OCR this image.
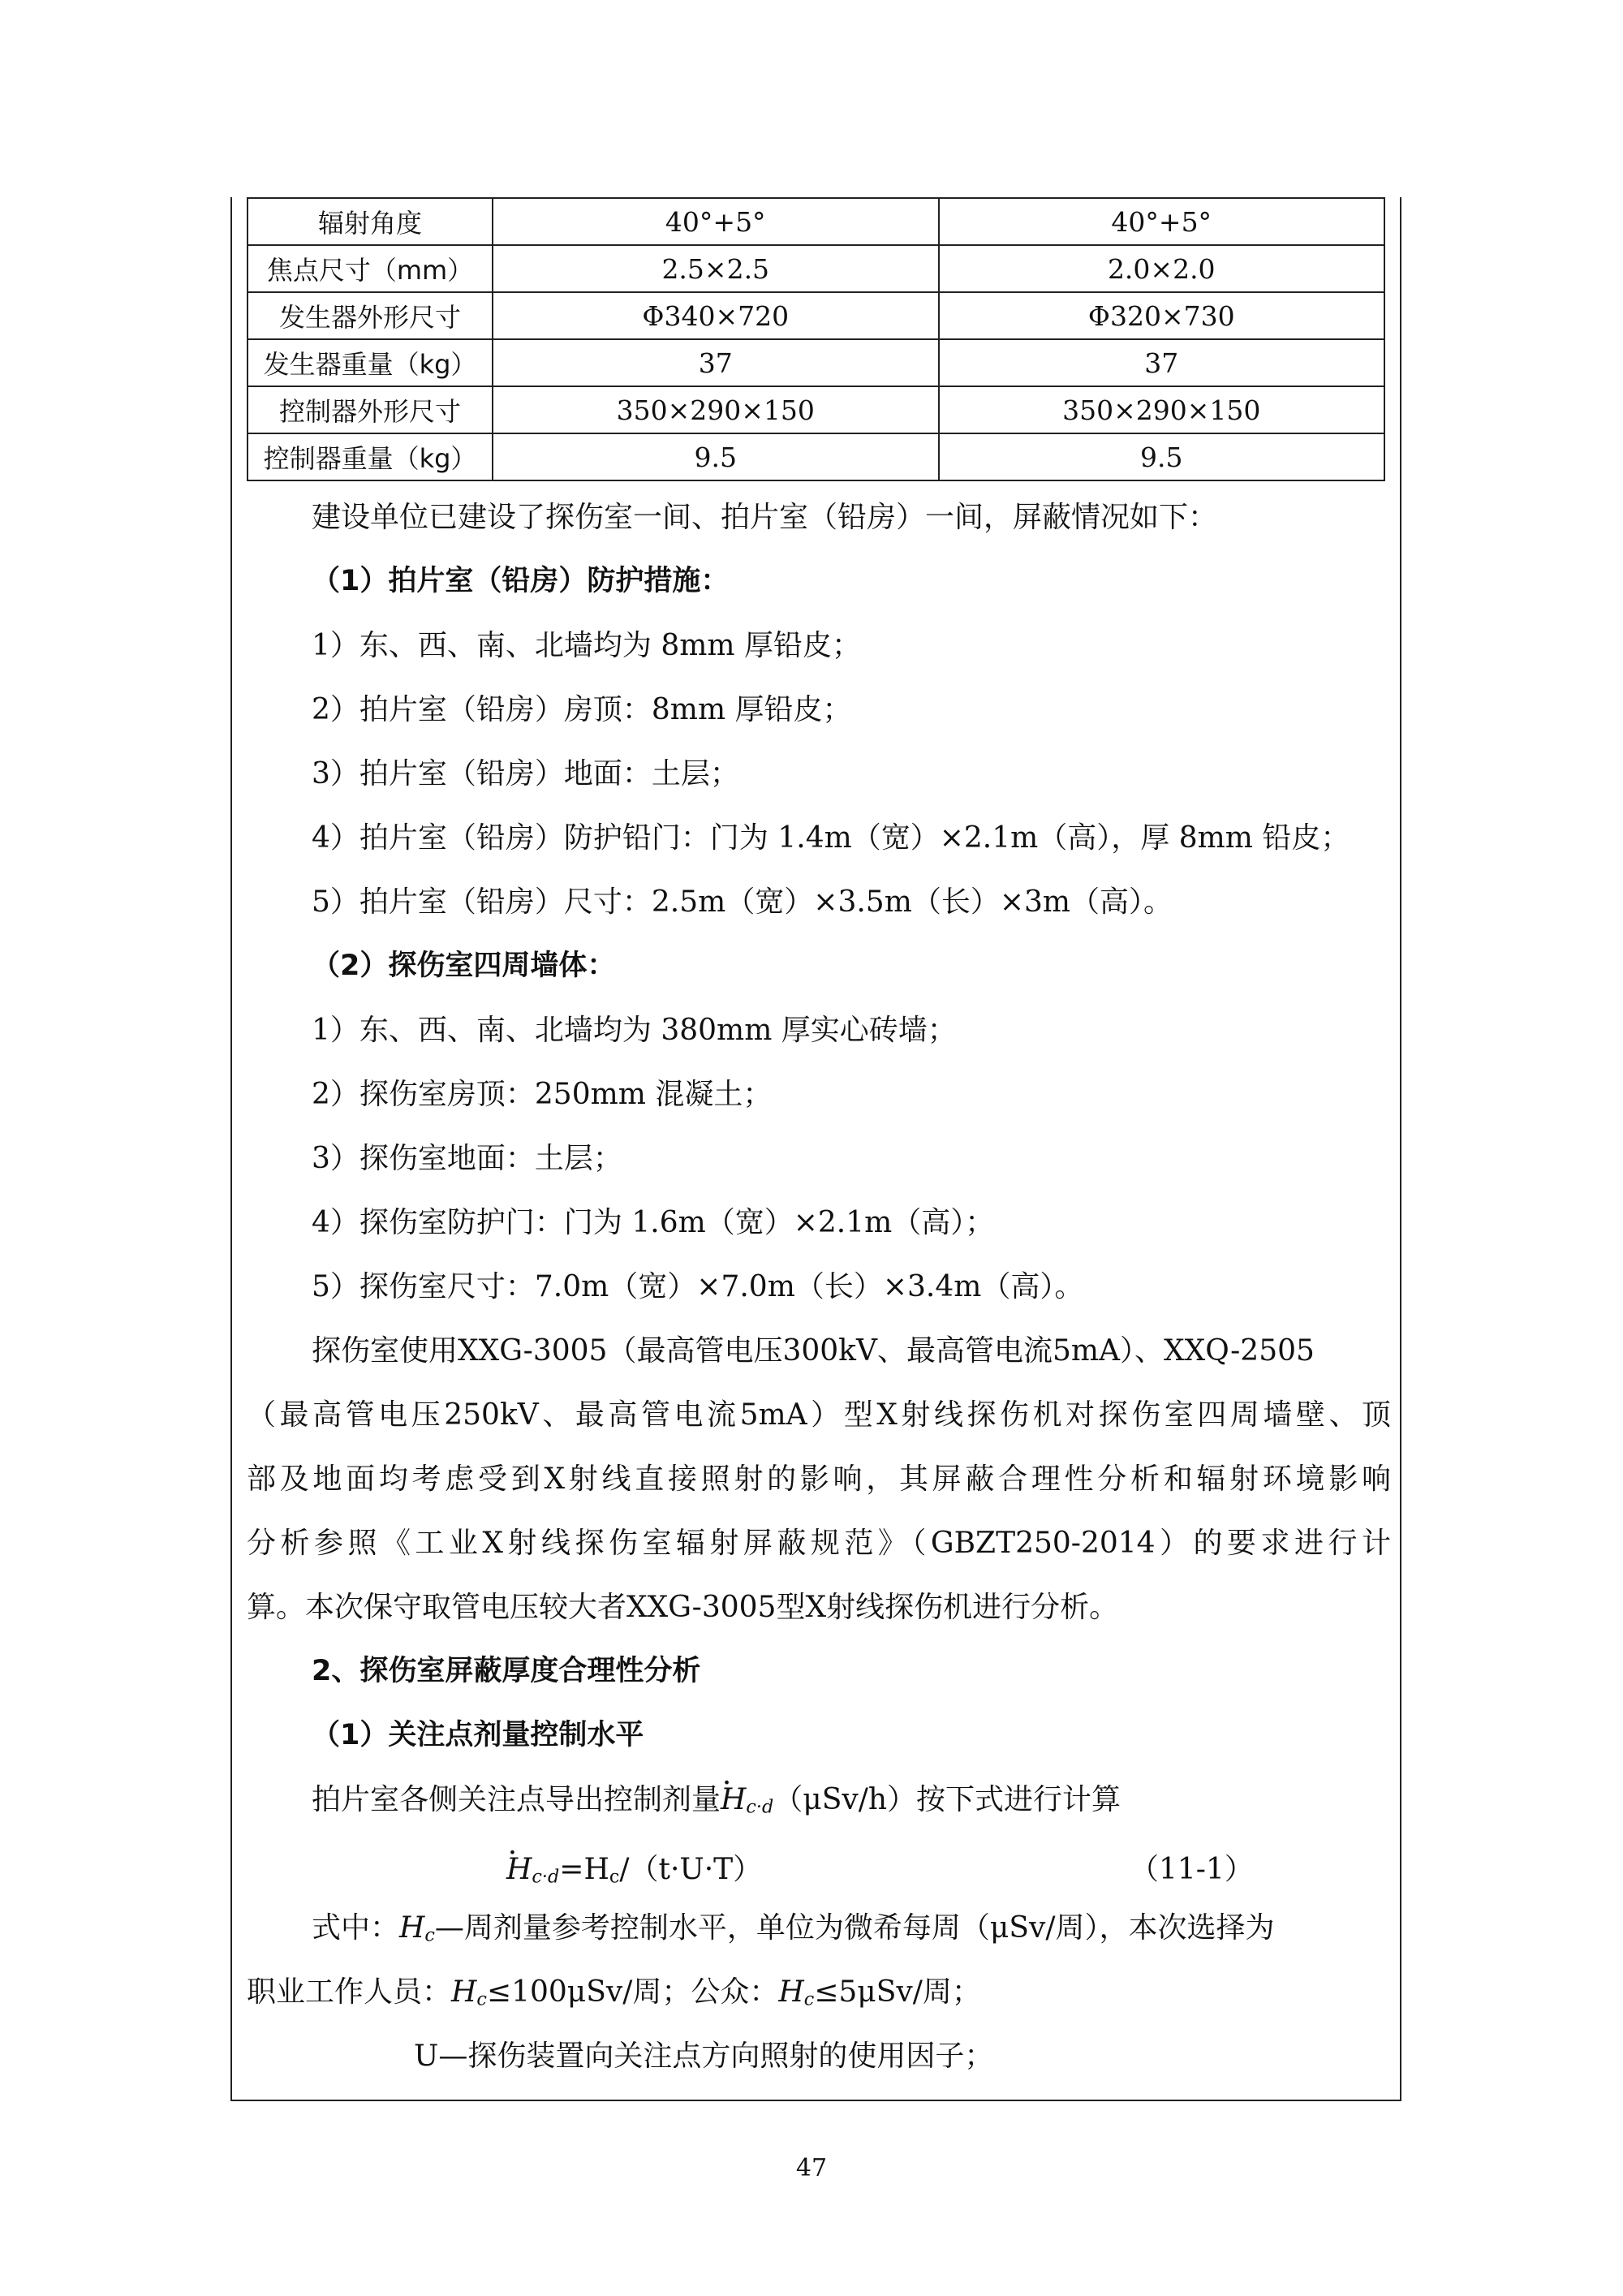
辐射角度	40°+5°	40°+5°
焦点尺寸（mm）	2.5×2.5	2.0×2.0
发生器外形尺寸	Φ340×720	Φ320×730
发生器重量（kg）	37	37
控制器外形尺寸	350×290×150	350×290×150
控制器重量（kg）	9.5	9.5
建设单位已建设了探伤室一间、拍片室（铅房）一间，屏蔽情况如下：
（1）拍片室（铅房）防护措施：
1）东、西、南、北墙均为 8mm 厚铅皮；
2）拍片室（铅房）房顶：8mm 厚铅皮；
3）拍片室（铅房）地面：土层；
4）拍片室（铅房）防护铅门：门为 1.4m（宽）×2.1m（高），厚 8mm 铅皮；
5）拍片室（铅房）尺寸：2.5m（宽）×3.5m（长）×3m（高）。
（2）探伤室四周墙体：
1）东、西、南、北墙均为 380mm 厚实心砖墙；
2）探伤室房顶：250mm 混凝土；
3）探伤室地面：土层；
4）探伤室防护门：门为 1.6m（宽）×2.1m（高）；
5）探伤室尺寸：7.0m（宽）×7.0m（长）×3.4m（高）。
探伤室使用XXG-3005（最高管电压300kV、最高管电流5mA）、XXQ-2505
（最高管电压250kV、最高管电流5mA）型X射线探伤机对探伤室四周墙壁、顶
部及地面均考虑受到X射线直接照射的影响，其屏蔽合理性分析和辐射环境影响
分析参照《工业X射线探伤室辐射屏蔽规范》（GBZT250-2014）的要求进行计
算。本次保守取管电压较大者XXG-3005型X射线探伤机进行分析。
2、探伤室屏蔽厚度合理性分析
（1）关注点剂量控制水平
拍片室各侧关注点导出控制剂量· $H_{c\cdot d}(\mu Sv/h)$按下式进行计算
· $H_{c\cdot d}=H_c/(t\cdot U\cdot T)$	（11-1）
式中：$H_c—$周剂量参考控制水平，单位为微希每周（μSv/周），本次选择为
职业工作人员：$H_c\le 100\mu Sv/$周；公众：$H_c\le 5\mu Sv/$周；
U—探伤装置向关注点方向照射的使用因子；
47
